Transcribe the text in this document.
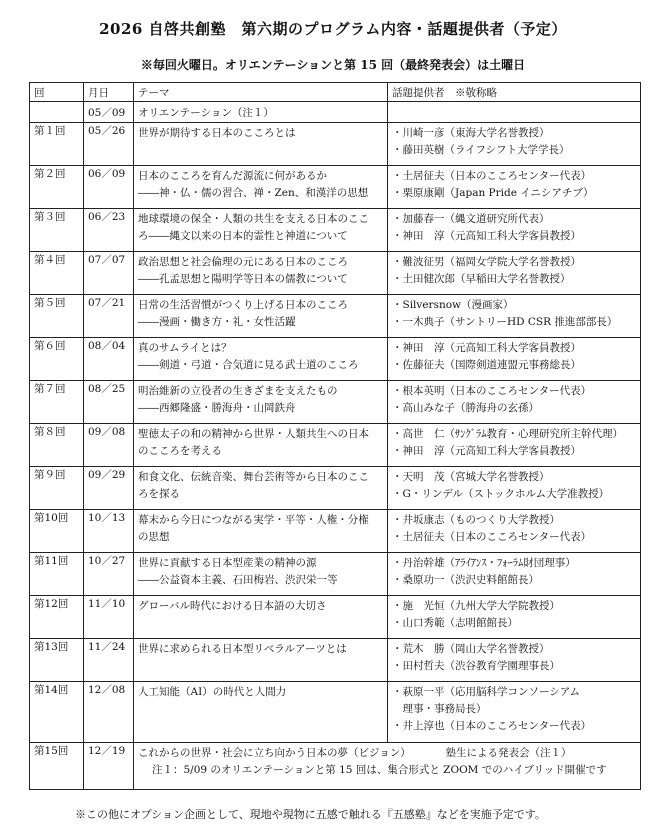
2026 自啓共創塾　第六期のプログラム内容・話題提供者（予定）
※毎回火曜日。オリエンテーションと第 15 回（最終発表会）は土曜日
回	月日	テーマ	話題提供者　※敬称略
	05／09	オリエンテーション（注１）	
第１回	05／26	世界が期待する日本のこころとは	・川崎一彦（東海大学名誉教授）
・藤田英樹（ライフシフト大学学長）

第２回	06／09	日本のこころを育んだ源流に何があるか
――神・仏・儒の習合、禅・Zen、和漢洋の思想	・土居征夫（日本のこころセンター代表）
・栗原康剛（Japan Pride イニシアチブ）

第３回	06／23	地球環境の保全・人類の共生を支える日本のここ
ろ――縄文以来の日本的霊性と神道について	・加藤春一（縄文道研究所代表）
・神田　淳（元高知工科大学客員教授）

第４回	07／07	政治思想と社会倫理の元にある日本のこころ
――孔孟思想と陽明学等日本の儒教について	・難波征男（福岡女学院大学名誉教授）
・土田健次郎（早稲田大学名誉教授）

第５回	07／21	日常の生活習慣がつくり上げる日本のこころ
――漫画・働き方・礼・女性活躍	・Silversnow（漫画家）
・一木典子（サントリーHD CSR 推進部部長）

第６回	08／04	真のサムライとは？
――剣道・弓道・合気道に見る武士道のこころ	・神田　淳（元高知工科大学客員教授）
・佐藤征夫（国際剣道連盟元事務総長）

第７回	08／25	明治維新の立役者の生きざまを支えたもの
――西郷隆盛・勝海舟・山岡鉄舟	・根本英明（日本のこころセンター代表）
・高山みな子（勝海舟の玄孫）

第８回	09／08	聖徳太子の和の精神から世界・人類共生への日本
のこころを考える	・高世　仁（ｻﾝｸﾞﾗﾑ教育・心理研究所主幹代理）
・神田　淳（元高知工科大学客員教授）

第９回	09／29	和食文化、伝統音楽、舞台芸術等から日本のここ
ろを探る	・天明　茂（宮城大学名誉教授）
・G・リンデル（ストックホルム大学准教授）

第10回	10／13	幕末から今日につながる実学・平等・人権・分権
の思想	・井坂康志（ものつくり大学教授）
・土居征夫（日本のこころセンター代表）

第11回	10／27	世界に貢献する日本型産業の精神の源
――公益資本主義、石田梅岩、渋沢栄一等	・丹治幹雄（ｱﾗｲｱﾝｽ・ﾌｫｰﾗﾑ財団理事）
・桑原功一（渋沢史料館館長）

第12回	11／10	グローバル時代における日本語の大切さ	・施　光恒（九州大学大学院教授）
・山口秀範（志明館館長）

第13回	11／24	世界に求められる日本型リベラルアーツとは	・荒木　勝（岡山大学名誉教授）
・田村哲夫（渋谷教育学園理事長）

第14回	12／08	人工知能（AI）の時代と人間力	・萩原一平（応用脳科学コンソーシアム
　理事・事務局長）
・井上淳也（日本のこころセンター代表）

第15回	12／19	これからの世界・社会に立ち向かう日本の夢（ビジョン） 塾生による発表会（注１）
注１：5/09 のオリエンテーションと第 15 回は、集合形式と ZOOM でのハイブリッド開催です	
※この他にオプション企画として、現地や現物に五感で触れる『五感塾』などを実施予定です。
